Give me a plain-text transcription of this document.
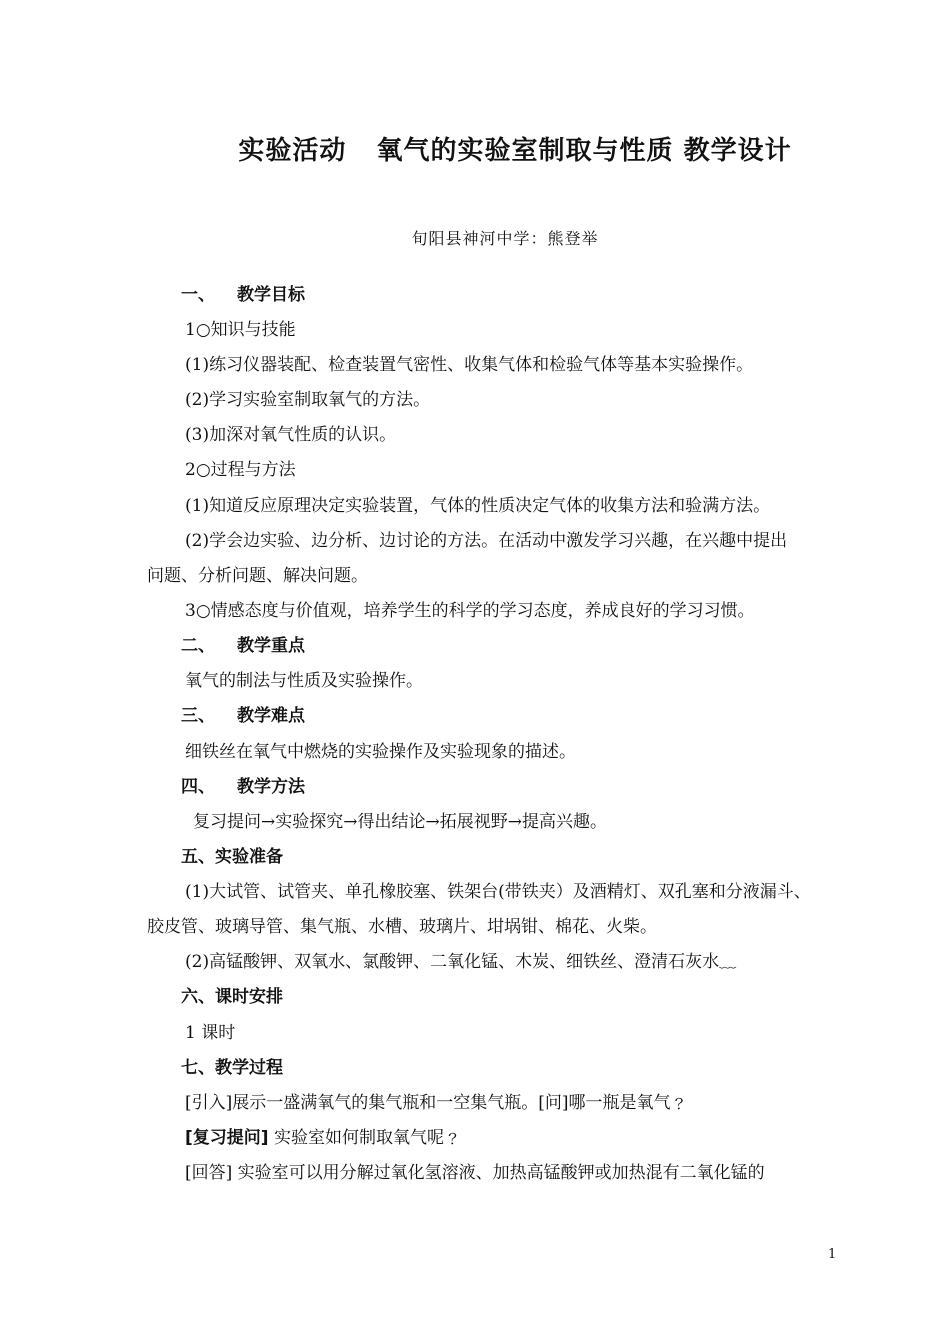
实验活动   氧气的实验室制取与性质 教学设计
旬阳县神河中学：熊登举
一、 教学目标
1○知识与技能
(1)练习仪器装配、检查装置气密性、收集气体和检验气体等基本实验操作。
(2)学习实验室制取氧气的方法。
(3)加深对氧气性质的认识。
2○过程与方法
(1)知道反应原理决定实验装置，气体的性质决定气体的收集方法和验满方法。
(2)学会边实验、边分析、边讨论的方法。在活动中激发学习兴趣，在兴趣中提出
问题、分析问题、解决问题。
3○情感态度与价值观，培养学生的科学的学习态度，养成良好的学习习惯。
二、 教学重点
氧气的制法与性质及实验操作。
三、 教学难点
细铁丝在氧气中燃烧的实验操作及实验现象的描述。
四、 教学方法
复习提问→实验探究→得出结论→拓展视野→提高兴趣。
五、实验准备
(1)大试管、试管夹、单孔橡胶塞、铁架台(带铁夹）及酒精灯、双孔塞和分液漏斗、
胶皮管、玻璃导管、集气瓶、水槽、玻璃片、坩埚钳、棉花、火柴。
(2)高锰酸钾、双氧水、氯酸钾、二氧化锰、木炭、细铁丝、澄清石灰水﹏
六、课时安排
1 课时
七、教学过程
[引入]展示一盛满氧气的集气瓶和一空集气瓶。[问]哪一瓶是氧气﹖
[复习提问] 实验室如何制取氧气呢﹖
[回答] 实验室可以用分解过氧化氢溶液、加热高锰酸钾或加热混有二氧化锰的
1
